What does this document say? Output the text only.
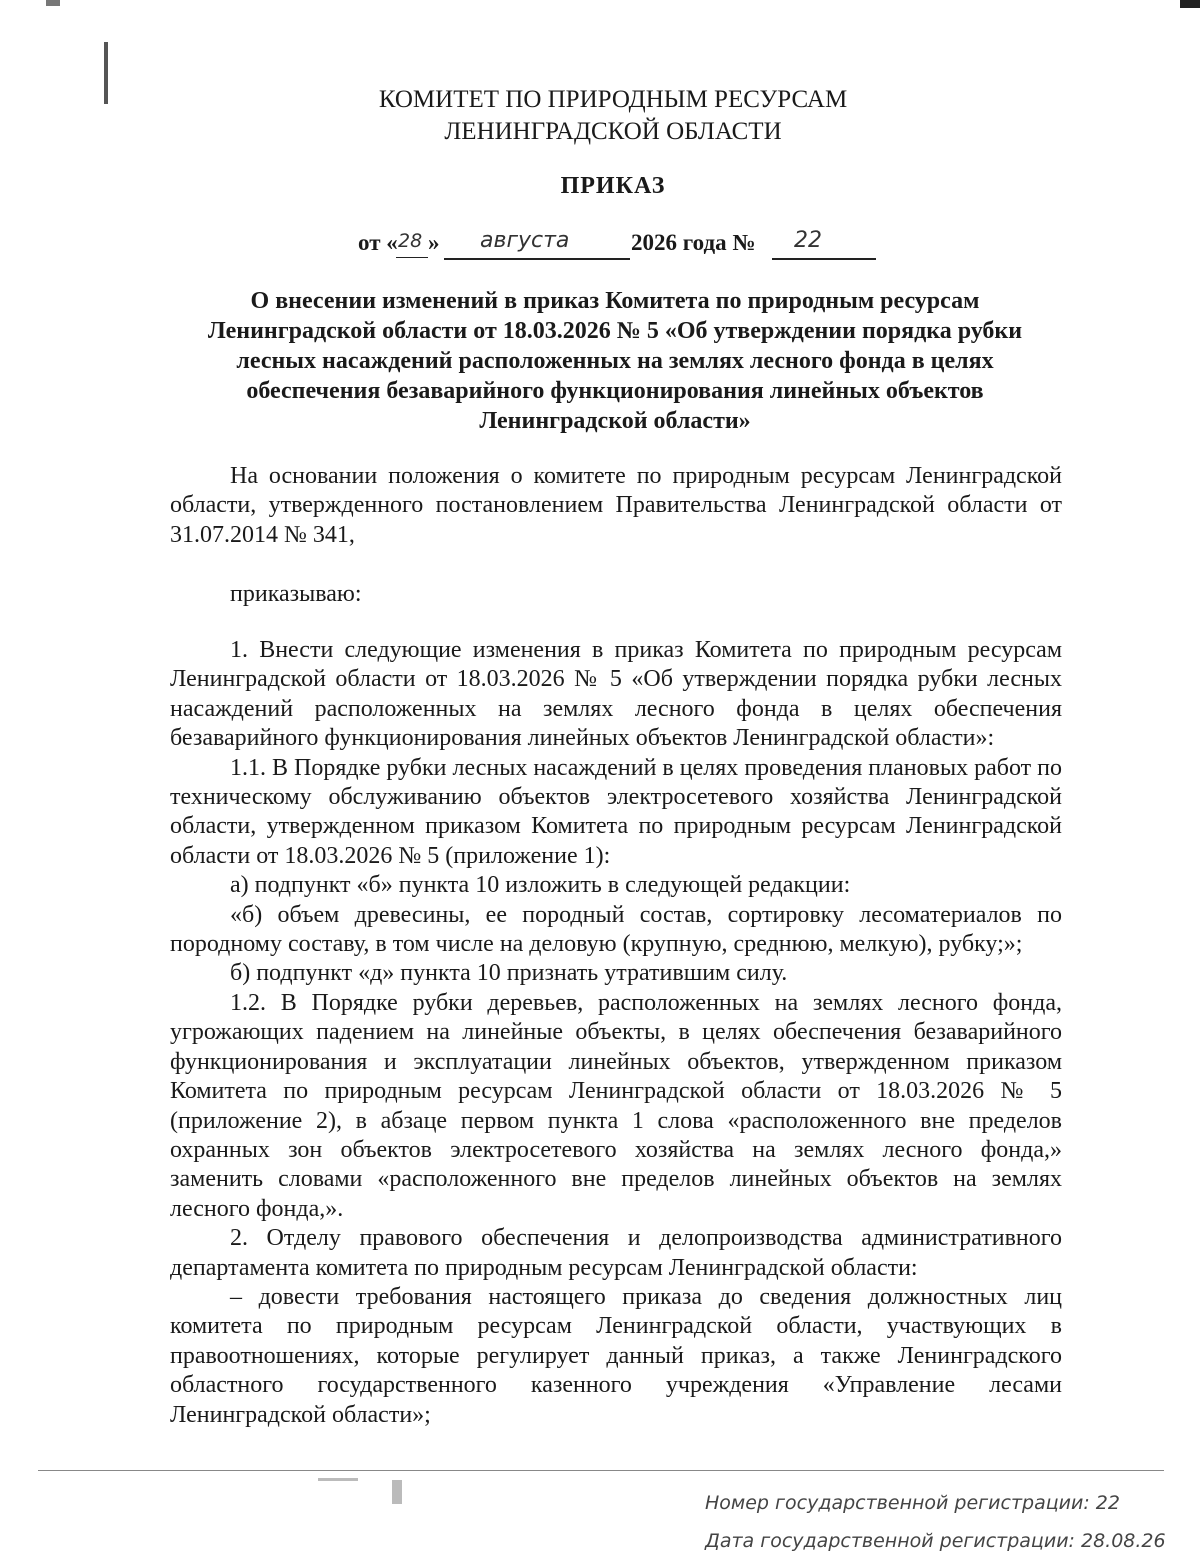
КОМИТЕТ ПО ПРИРОДНЫМ РЕСУРСАМ
ЛЕНИНГРАДСКОЙ ОБЛАСТИ
ПРИКАЗ
от « 28 » августа	2026 года № 22
О внесении изменений в приказ Комитета по природным ресурсам Ленинградской области от 18.03.2026 № 5 «Об утверждении порядка рубки лесных насаждений расположенных на землях лесного фонда в целях обеспечения безаварийного функционирования линейных объектов Ленинградской области»

На основании положения о комитете по природным ресурсам Ленинградской области, утвержденного постановлением Правительства Ленинградской области от 31.07.2014 № 341,

приказываю:

1. Внести следующие изменения в приказ Комитета по природным ресурсам Ленинградской области от 18.03.2026 № 5 «Об утверждении порядка рубки лесных насаждений расположенных на землях лесного фонда в целях обеспечения безаварийного функционирования линейных объектов Ленинградской области»:

1.1. В Порядке рубки лесных насаждений в целях проведения плановых работ по техническому обслуживанию объектов электросетевого хозяйства Ленинградской области, утвержденном приказом Комитета по природным ресурсам Ленинградской области от 18.03.2026 № 5 (приложение 1):

а) подпункт «б» пункта 10 изложить в следующей редакции:

«б) объем древесины, ее породный состав, сортировку лесоматериалов по породному составу, в том числе на деловую (крупную, среднюю, мелкую), рубку;»;

б) подпункт «д» пункта 10 признать утратившим силу.

1.2. В Порядке рубки деревьев, расположенных на землях лесного фонда, угрожающих падением на линейные объекты, в целях обеспечения безаварийного функционирования и эксплуатации линейных объектов, утвержденном приказом Комитета по природным ресурсам Ленинградской области от 18.03.2026 № 5 (приложение 2), в абзаце первом пункта 1 слова «расположенного вне пределов охранных зон объектов электросетевого хозяйства на землях лесного фонда,» заменить словами «расположенного вне пределов линейных объектов на землях лесного фонда,».

2. Отделу правового обеспечения и делопроизводства административного департамента комитета по природным ресурсам Ленинградской области:

– довести требования настоящего приказа до сведения должностных лиц комитета по природным ресурсам Ленинградской области, участвующих в правоотношениях, которые регулирует данный приказ, а также Ленинградского областного государственного казенного учреждения «Управление лесами Ленинградской области»;

Номер государственной регистрации: 22
Дата государственной регистрации: 28.08.26
